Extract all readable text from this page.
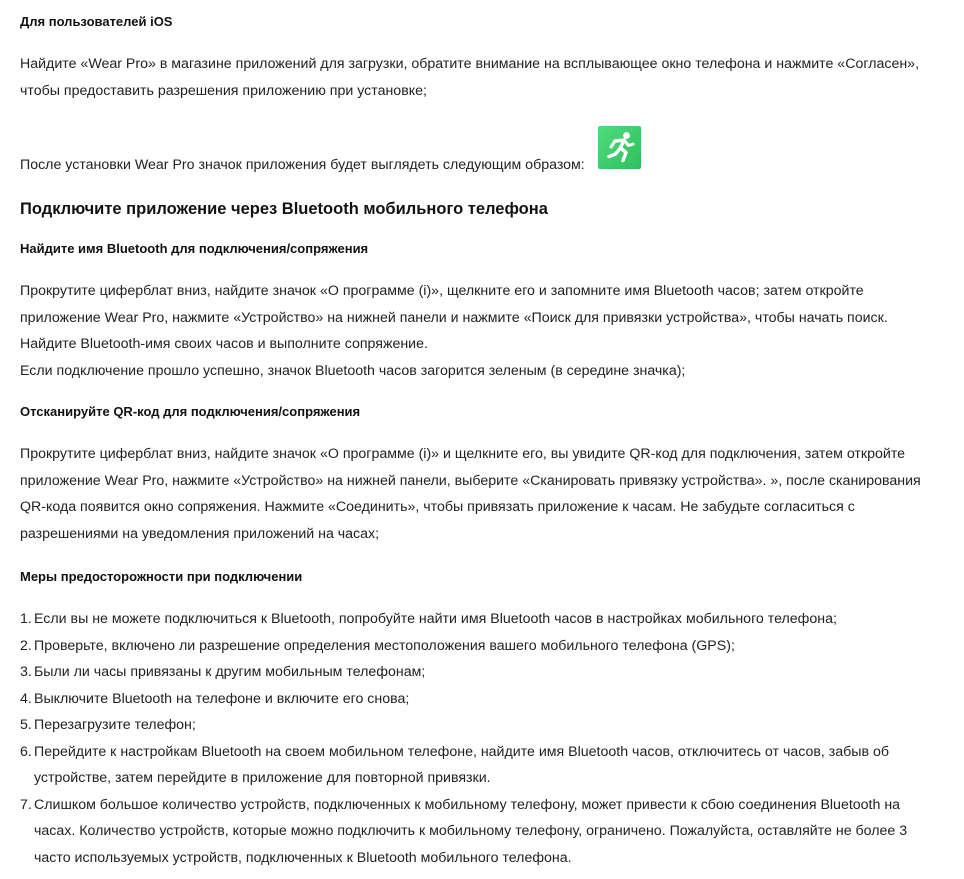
Для пользователей iOS

Найдите «Wear Pro» в магазине приложений для загрузки, обратите внимание на всплывающее окно телефона и нажмите «Согласен»,
чтобы предоставить разрешения приложению при установке;

После установки Wear Pro значок приложения будет выглядеть следующим образом:

Подключите приложение через Bluetooth мобильного телефона
Найдите имя Bluetooth для подключения/сопряжения

Прокрутите циферблат вниз, найдите значок «О программе (i)», щелкните его и запомните имя Bluetooth часов; затем откройте
приложение Wear Pro, нажмите «Устройство» на нижней панели и нажмите «Поиск для привязки устройства», чтобы начать поиск.
Найдите Bluetooth-имя своих часов и выполните сопряжение.
Если подключение прошло успешно, значок Bluetooth часов загорится зеленым (в середине значка);

Отсканируйте QR-код для подключения/сопряжения

Прокрутите циферблат вниз, найдите значок «О программе (i)» и щелкните его, вы увидите QR-код для подключения, затем откройте
приложение Wear Pro, нажмите «Устройство» на нижней панели, выберите «Сканировать привязку устройства». », после сканирования
QR-кода появится окно сопряжения. Нажмите «Соединить», чтобы привязать приложение к часам. Не забудьте согласиться с
разрешениями на уведомления приложений на часах;

Меры предосторожности при подключении
1. Если вы не можете подключиться к Bluetooth, попробуйте найти имя Bluetooth часов в настройках мобильного телефона;
2. Проверьте, включено ли разрешение определения местоположения вашего мобильного телефона (GPS);
3. Были ли часы привязаны к другим мобильным телефонам;
4. Выключите Bluetooth на телефоне и включите его снова;
5. Перезагрузите телефон;
6. Перейдите к настройкам Bluetooth на своем мобильном телефоне, найдите имя Bluetooth часов, отключитесь от часов, забыв об
устройстве, затем перейдите в приложение для повторной привязки.
7. Слишком большое количество устройств, подключенных к мобильному телефону, может привести к сбою соединения Bluetooth на
часах. Количество устройств, которые можно подключить к мобильному телефону, ограничено. Пожалуйста, оставляйте не более 3
часто используемых устройств, подключенных к Bluetooth мобильного телефона.
